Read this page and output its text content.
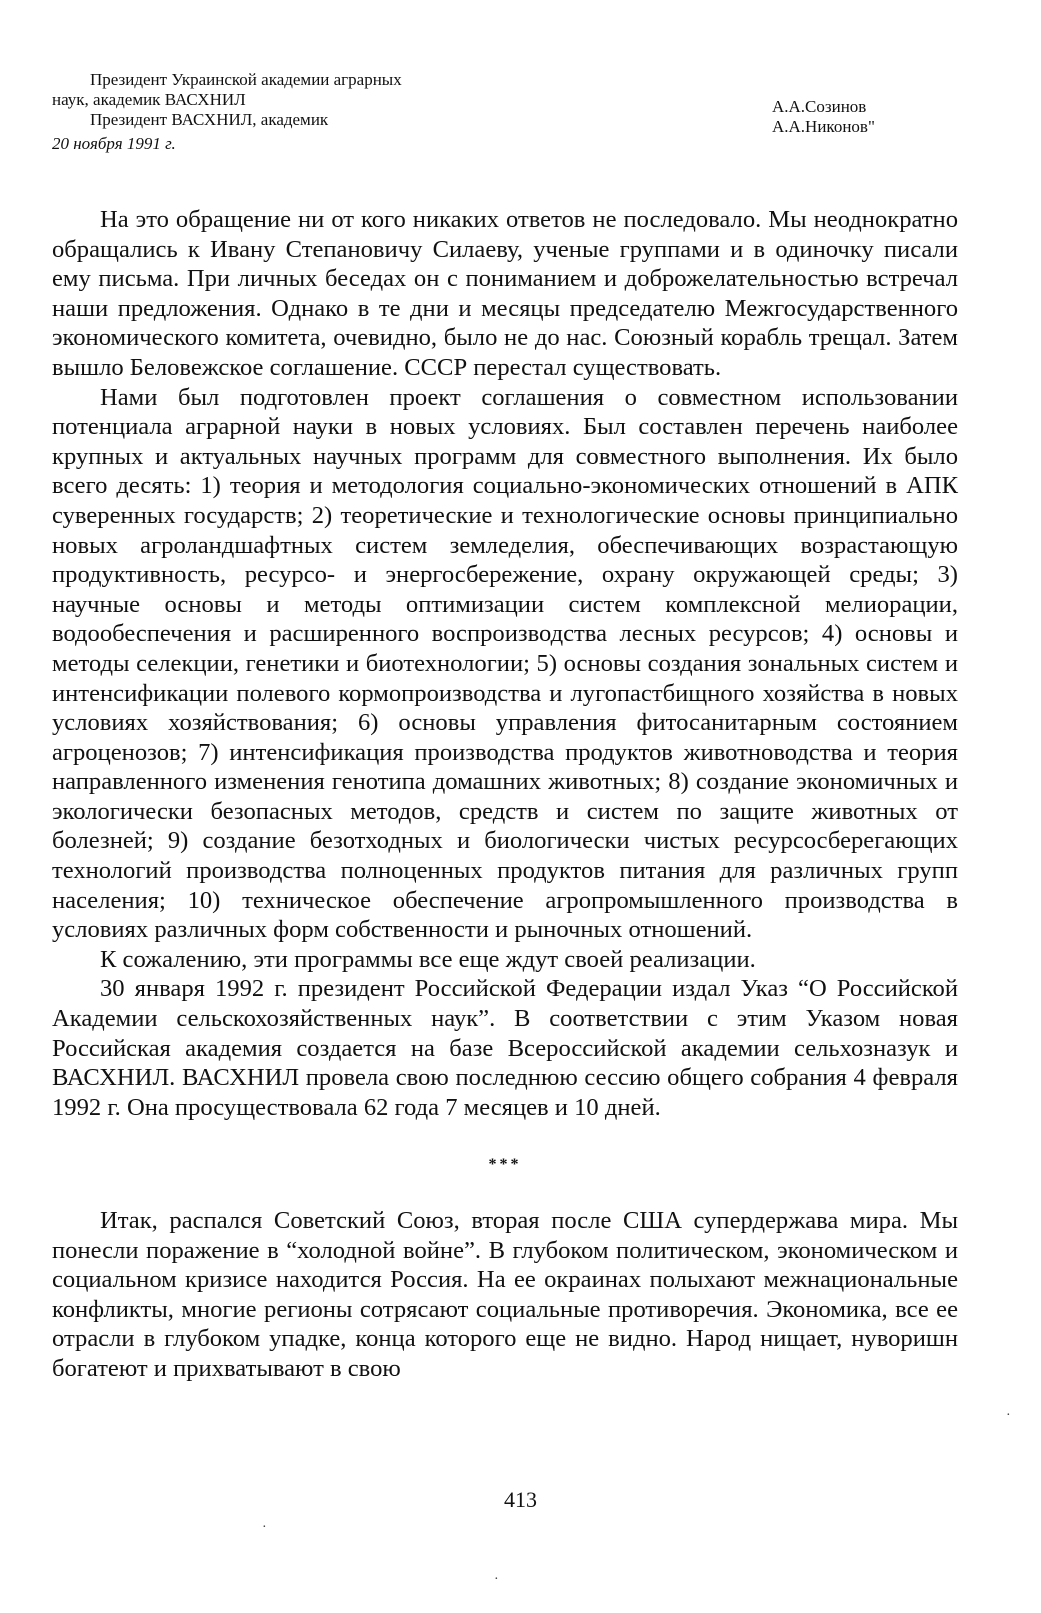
Президент Украинской академии аграрных
наук, академик ВАСХНИЛ
Президент ВАСХНИЛ, академик
20 ноября 1991 г.
А.А.Созинов
А.А.Никонов"

На это обращение ни от кого никаких ответов не последовало. Мы неоднократно обращались к Ивану Степановичу Силаеву, ученые группами и в одиночку писали ему письма. При личных беседах он с пониманием и доброжелательностью встречал наши предложения. Однако в те дни и месяцы председателю Межгосударственного экономического комитета, очевидно, было не до нас. Союзный корабль трещал. Затем вышло Беловежское соглашение. СССР перестал существовать.

Нами был подготовлен проект соглашения о совместном использовании потенциала аграрной науки в новых условиях. Был составлен перечень наиболее крупных и актуальных научных программ для совместного выполнения. Их было всего десять: 1) теория и методология социально-экономических отношений в АПК суверенных государств; 2) теоретические и технологические основы принципиально новых агроландшафтных систем земледелия, обеспечивающих возрастающую продуктивность, ресурсо- и энергосбережение, охрану окружающей среды; 3) научные основы и методы оптимизации систем комплексной мелиорации, водообеспечения и расширенного воспроизводства лесных ресурсов; 4) основы и методы селекции, генетики и биотехнологии; 5) основы создания зональных систем и интенсификации полевого кормопроизводства и лугопастбищного хозяйства в новых условиях хозяйствования; 6) основы управления фитосанитарным состоянием агроценозов; 7) интенсификация производства продуктов животноводства и теория направленного изменения генотипа домашних животных; 8) создание экономичных и экологически безопасных методов, средств и систем по защите животных от болезней; 9) создание безотходных и биологически чистых ресурсосберегающих технологий производства полноценных продуктов питания для различных групп населения; 10) техническое обеспечение агропромышленного производства в условиях различных форм собственности и рыночных отношений.

К сожалению, эти программы все еще ждут своей реализации.

30 января 1992 г. президент Российской Федерации издал Указ “О Российской Академии сельскохозяйственных наук”. В соответствии с этим Указом новая Российская академия создается на базе Всероссийской академии сельхозназук и ВАСХНИЛ. ВАСХНИЛ провела свою последнюю сессию общего собрания 4 февраля 1992 г. Она просуществовала 62 года 7 месяцев и 10 дней.

***

Итак, распался Советский Союз, вторая после США супердержава мира. Мы понесли поражение в “холодной войне”. В глубоком политическом, экономическом и социальном кризисе находится Россия. На ее окраинах полыхают межнациональные конфликты, многие регионы сотрясают социальные противоречия. Экономика, все ее отрасли в глубоком упадке, конца которого еще не видно. Народ нищает, нуворишн богатеют и прихватывают в свою

413
·
·
·
